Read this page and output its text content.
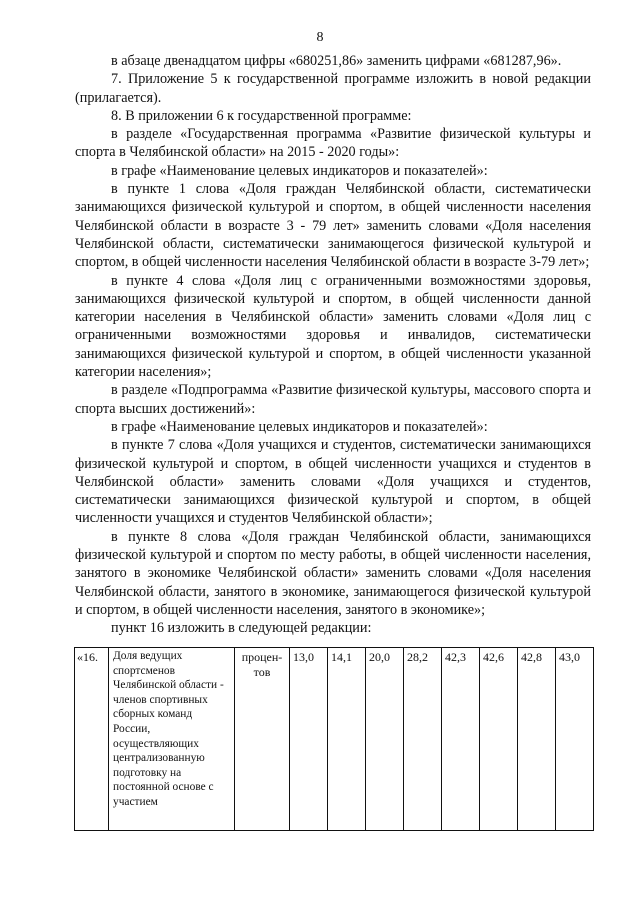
8

в абзаце двенадцатом цифры «680251,86» заменить цифрами «681287,96».

7. Приложение 5 к государственной программе изложить в новой редакции (прилагается).

8. В приложении 6 к государственной программе:

в разделе «Государственная программа «Развитие физической культуры и спорта в Челябинской области» на 2015 - 2020 годы»:

в графе «Наименование целевых индикаторов и показателей»:

в пункте 1 слова «Доля граждан Челябинской области, систематически занимающихся физической культурой и спортом, в общей численности населения Челябинской области в возрасте 3 - 79 лет» заменить словами «Доля населения Челябинской области, систематически занимающегося физической культурой и спортом, в общей численности населения Челябинской области в возрасте 3-79 лет»;

в пункте 4 слова «Доля лиц с ограниченными возможностями здоровья, занимающихся физической культурой и спортом, в общей численности данной категории населения в Челябинской области» заменить словами «Доля лиц с ограниченными возможностями здоровья и инвалидов, систематически занимающихся физической культурой и спортом, в общей численности указанной категории населения»;

в разделе «Подпрограмма «Развитие физической культуры, массового спорта и спорта высших достижений»:

в графе «Наименование целевых индикаторов и показателей»:

в пункте 7 слова «Доля учащихся и студентов, систематически занимающихся физической культурой и спортом, в общей численности учащихся и студентов в Челябинской области» заменить словами «Доля учащихся и студентов, систематически занимающихся физической культурой и спортом, в общей численности учащихся и студентов Челябинской области»;

в пункте 8 слова «Доля граждан Челябинской области, занимающихся физической культурой и спортом по месту работы, в общей численности населения, занятого в экономике Челябинской области» заменить словами «Доля населения Челябинской области, занятого в экономике, занимающегося физической культурой и спортом, в общей численности населения, занятого в экономике»;

пункт 16 изложить в следующей редакции:

«16.	Доля ведущих спортсменов Челябинской области - членов спортивных сборных команд России, осуществляющих централизованную подготовку на постоянной основе с участием	процен-тов	13,0	14,1	20,0	28,2	42,3	42,6	42,8	43,0
